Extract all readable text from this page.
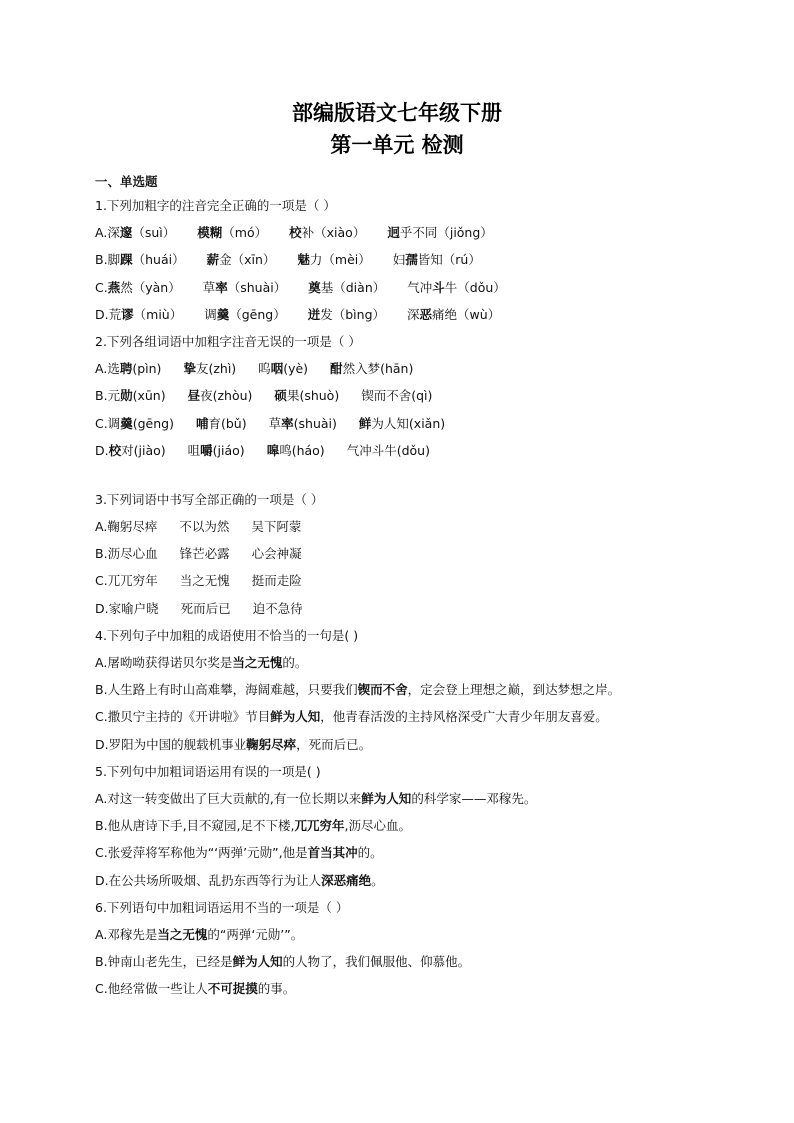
部编版语文七年级下册
第一单元 检测
一、单选题
1.下列加粗字的注音完全正确的一项是（ ）
A.深邃（suì） 模糊（mó） 校补（xiào） 迥乎不同（jiǒng）
B.脚踝（huái） 薪金（xīn） 魅力（mèi） 妇孺皆知（rú）
C.燕然（yàn） 草率（shuài） 奠基（diàn） 气冲斗牛（dǒu）
D.荒谬（miù） 调羹（gēng） 迸发（bìng） 深恶痛绝（wù）
2.下列各组词语中加粗字注音无误的一项是（ ）
A.选聘(pìn) 挚友(zhì) 呜咽(yè) 酣然入梦(hān)
B.元勋(xūn) 昼夜(zhòu) 硕果(shuò) 锲而不舍(qì)
C.调羹(gēng) 哺育(bǔ) 草率(shuài) 鲜为人知(xiǎn)
D.校对(jiào) 咀嚼(jiáo) 嗥鸣(háo) 气冲斗牛(dǒu)
3.下列词语中书写全部正确的一项是（ ）
A.鞠躬尽瘁 不以为然 吴下阿蒙
B.沥尽心血 锋芒必露 心会神凝
C.兀兀穷年 当之无愧 挺而走险
D.家喻户晓 死而后已 迫不急待
4.下列句子中加粗的成语使用不恰当的一句是( )
A.屠呦呦获得诺贝尔奖是当之无愧的。
B.人生路上有时山高难攀，海阔难越，只要我们锲而不舍，定会登上理想之巅，到达梦想之岸。
C.撒贝宁主持的《开讲啦》节目鲜为人知，他青春活泼的主持风格深受广大青少年朋友喜爱。
D.罗阳为中国的舰载机事业鞠躬尽瘁，死而后已。
5.下列句中加粗词语运用有误的一项是( )
A.对这一转变做出了巨大贡献的,有一位长期以来鲜为人知的科学家——邓稼先。
B.他从唐诗下手,目不窥园,足不下楼,兀兀穷年,沥尽心血。
C.张爱萍将军称他为“‘两弹’元勋”,他是首当其冲的。
D.在公共场所吸烟、乱扔东西等行为让人深恶痛绝。
6.下列语句中加粗词语运用不当的一项是（ ）
A.邓稼先是当之无愧的“两弹‘元勋’”。
B.钟南山老先生，已经是鲜为人知的人物了，我们佩服他、仰慕他。
C.他经常做一些让人不可捉摸的事。
